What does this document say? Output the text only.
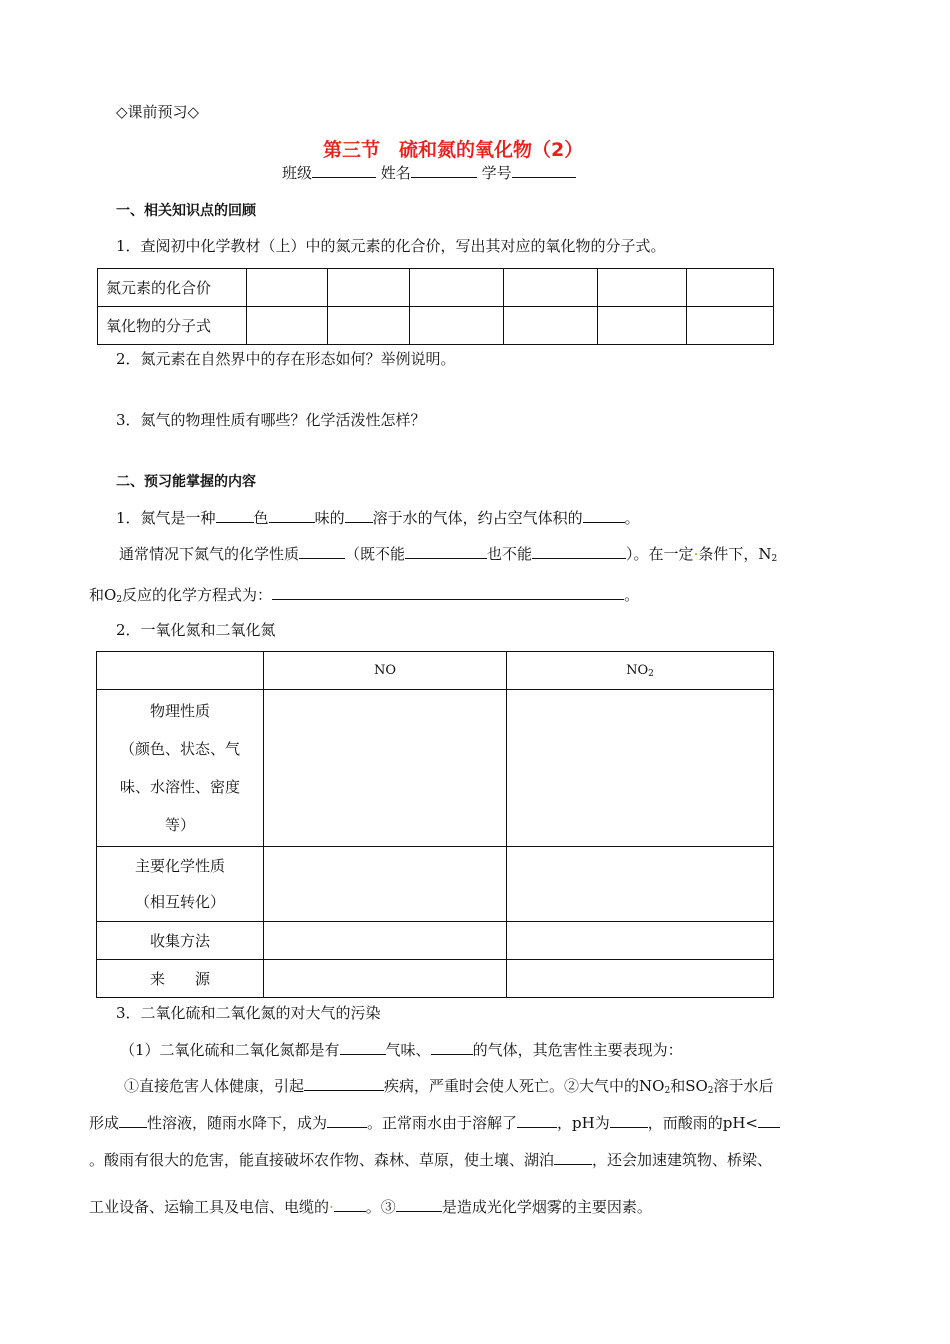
◇课前预习◇
第三节　硫和氮的氧化物（2）
班级	姓名	学号
一、相关知识点的回顾
1．查阅初中化学教材（上）中的氮元素的化合价，写出其对应的氧化物的分子式。
氮元素的化合价						
氧化物的分子式						
2．氮元素在自然界中的存在形态如何？举例说明。
3．氮气的物理性质有哪些？化学活泼性怎样？
二、预习能掌握的内容
1．氮气是一种	色	味的 溶于水的气体，约占空气体积的	。
通常情况下氮气的化学性质	（既不能	也不能	）。在一定·条件下，$N_2$
和$O_2$反应的化学方程式为：	。
2．一氧化氮和二氧化氮
	NO	$NO_2$

物理性质
（颜色、状态、气
味、水溶性、密度
等）		

主要化学性质
（相互转化）		

收集方法		
来　　源		
3．二氧化硫和二氧化氮的对大气的污染
（1）二氧化硫和二氧化氮都是有	气味、	的气体，其危害性主要表现为：
①直接危害人体健康，引起	疾病，严重时会使人死亡。②大气中的$NO_2$和$SO_2$溶于水后
形成 性溶液，随雨水降下，成为	。正常雨水由于溶解了	，pH为	，而酸雨的pH<
。酸雨有很大的危害，能直接破坏农作物、森林、草原，使土壤、湖泊	，还会加速建筑物、桥梁、
工业设备、运输工具及电信、电缆的· 。③	是造成光化学烟雾的主要因素。
